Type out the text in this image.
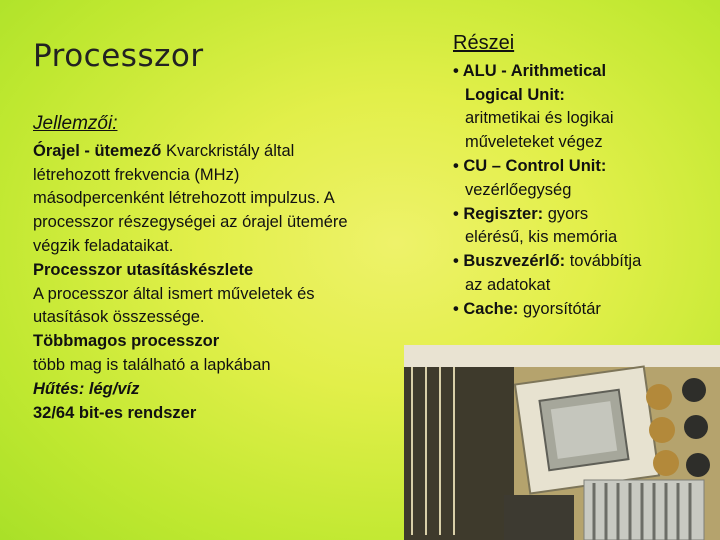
Processzor
Jellemzői:
Órajel - ütemező Kvarckristály által
létrehozott frekvencia (MHz)
másodpercenként létrehozott impulzus. A
processzor részegységei az órajel ütemére
végzik feladataikat.
Processzor utasításkészlete
A processzor által ismert műveletek és
utasítások összessége.
Többmagos processzor
több mag is található a lapkában
Hűtés: lég/víz
32/64 bit-es rendszer
Részei
• ALU - Arithmetical
Logical Unit:
aritmetikai és logikai
műveleteket végez
• CU – Control Unit:
vezérlőegység
• Regiszter: gyors
elérésű, kis memória
• Buszvezérlő: továbbítja
az adatokat
• Cache: gyorsítótár
